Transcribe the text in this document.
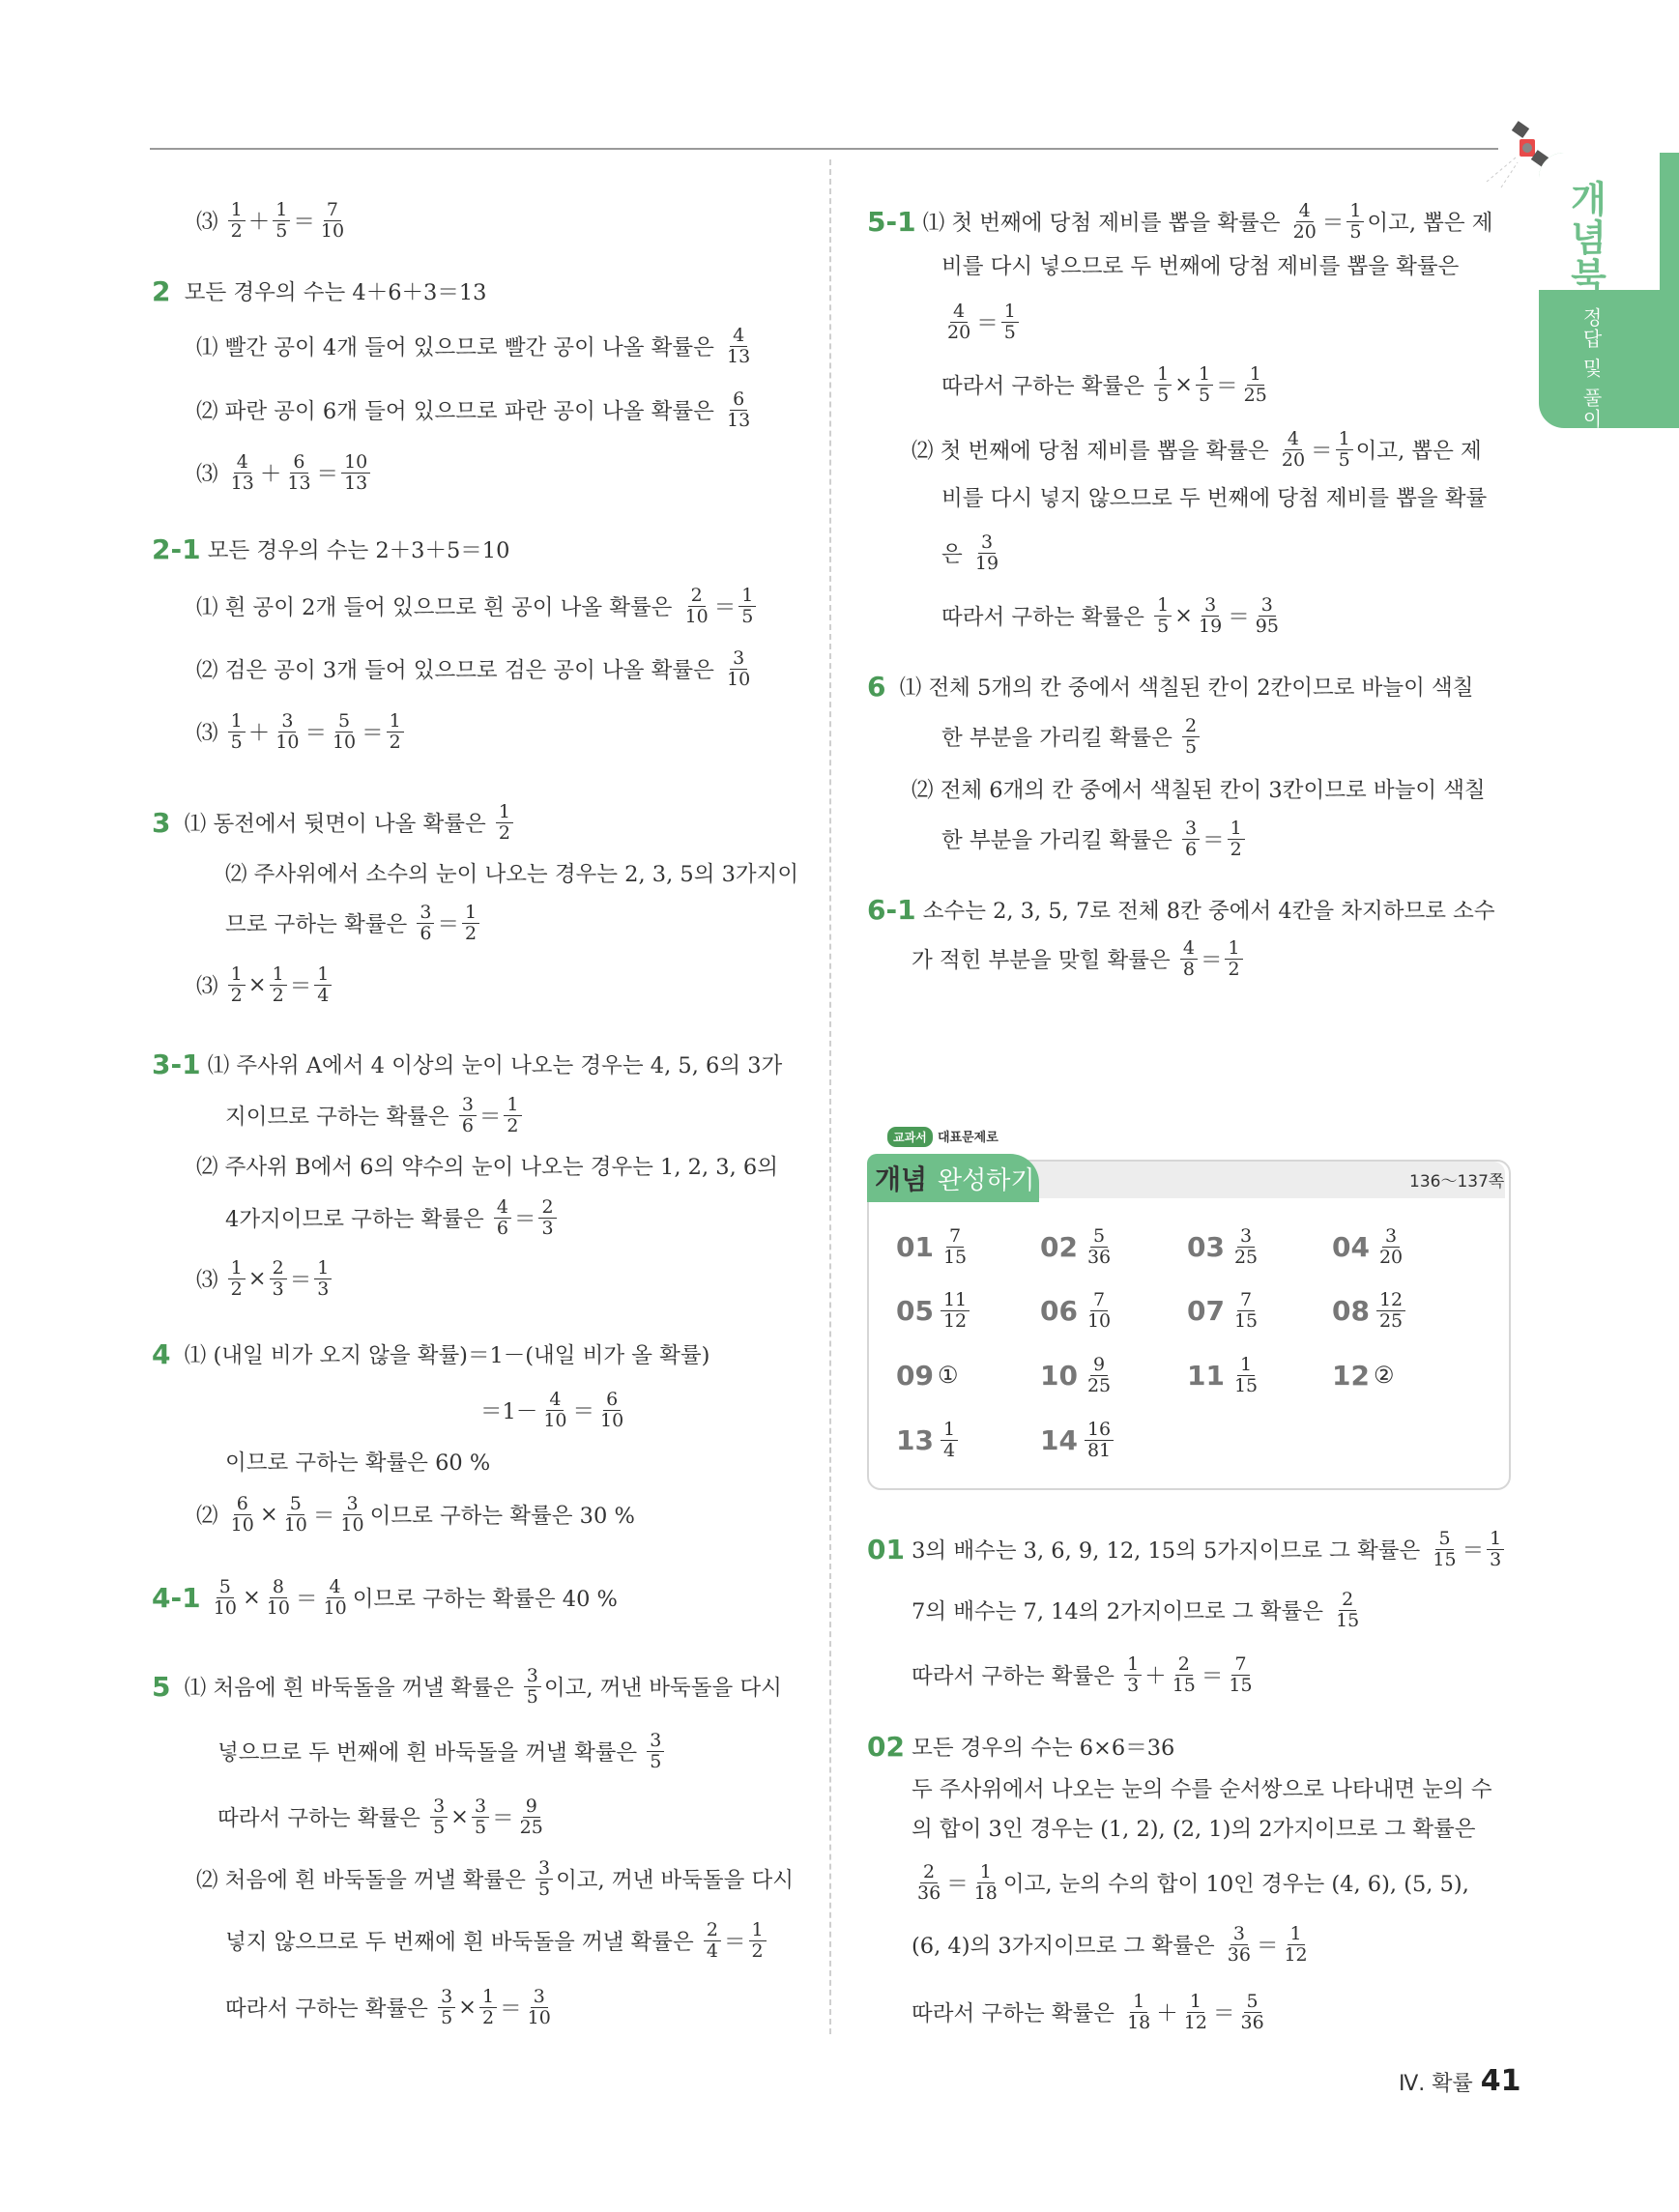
개념북
정답 및 풀이
⑶ $\frac{1}{2} + \frac{1}{5} = \frac{7}{10}$
2 모든 경우의 수는 4＋6＋3＝13
⑴ 빨간 공이 4개 들어 있으므로 빨간 공이 나올 확률은 $\frac{4}{13}$
⑵ 파란 공이 6개 들어 있으므로 파란 공이 나올 확률은 $\frac{6}{13}$
⑶ $\frac{4}{13} + \frac{6}{13} = \frac{10}{13}$
2-1 모든 경우의 수는 2＋3＋5＝10
⑴ 흰 공이 2개 들어 있으므로 흰 공이 나올 확률은 $\frac{2}{10} = \frac{1}{5}$
⑵ 검은 공이 3개 들어 있으므로 검은 공이 나올 확률은 $\frac{3}{10}$
⑶ $\frac{1}{5} + \frac{3}{10} = \frac{5}{10} = \frac{1}{2}$
3 ⑴ 동전에서 뒷면이 나올 확률은 $\frac{1}{2}$
⑵ 주사위에서 소수의 눈이 나오는 경우는 2, 3, 5의 3가지이
므로 구하는 확률은 $\frac{3}{6} = \frac{1}{2}$
⑶ $\frac{1}{2} \times \frac{1}{2} = \frac{1}{4}$
3-1 ⑴ 주사위 A에서 4 이상의 눈이 나오는 경우는 4, 5, 6의 3가
지이므로 구하는 확률은 $\frac{3}{6} = \frac{1}{2}$
⑵ 주사위 B에서 6의 약수의 눈이 나오는 경우는 1, 2, 3, 6의
4가지이므로 구하는 확률은 $\frac{4}{6} = \frac{2}{3}$
⑶ $\frac{1}{2} \times \frac{2}{3} = \frac{1}{3}$
4 ⑴ (내일 비가 오지 않을 확률)＝1－(내일 비가 올 확률)
$=1- \frac{4}{10} = \frac{6}{10}$
이므로 구하는 확률은 60 %
⑵ $\frac{6}{10} \times \frac{5}{10} = \frac{3}{10}$ 이므로 구하는 확률은 30 %
4-1
$\frac{5}{10} \times \frac{8}{10} = \frac{4}{10}$ 이므로 구하는 확률은 40 %
5 ⑴ 처음에 흰 바둑돌을 꺼낼 확률은 $\frac{3}{5}$ 이고, 꺼낸 바둑돌을 다시
넣으므로 두 번째에 흰 바둑돌을 꺼낼 확률은 $\frac{3}{5}$
따라서 구하는 확률은 $\frac{3}{5} \times \frac{3}{5} = \frac{9}{25}$
⑵ 처음에 흰 바둑돌을 꺼낼 확률은 $\frac{3}{5}$ 이고, 꺼낸 바둑돌을 다시
넣지 않으므로 두 번째에 흰 바둑돌을 꺼낼 확률은 $\frac{2}{4} = \frac{1}{2}$
따라서 구하는 확률은 $\frac{3}{5} \times \frac{1}{2} = \frac{3}{10}$
5-1 ⑴ 첫 번째에 당첨 제비를 뽑을 확률은 $\frac{4}{20} = \frac{1}{5}$ 이고, 뽑은 제
비를 다시 넣으므로 두 번째에 당첨 제비를 뽑을 확률은
$\frac{4}{20} = \frac{1}{5}$
따라서 구하는 확률은 $\frac{1}{5} \times \frac{1}{5} = \frac{1}{25}$
⑵ 첫 번째에 당첨 제비를 뽑을 확률은 $\frac{4}{20} = \frac{1}{5}$ 이고, 뽑은 제
비를 다시 넣지 않으므로 두 번째에 당첨 제비를 뽑을 확률
은 $\frac{3}{19}$
따라서 구하는 확률은 $\frac{1}{5} \times \frac{3}{19} = \frac{3}{95}$
6 ⑴ 전체 5개의 칸 중에서 색칠된 칸이 2칸이므로 바늘이 색칠
한 부분을 가리킬 확률은 $\frac{2}{5}$
⑵ 전체 6개의 칸 중에서 색칠된 칸이 3칸이므로 바늘이 색칠
한 부분을 가리킬 확률은 $\frac{3}{6} = \frac{1}{2}$
6-1 소수는 2, 3, 5, 7로 전체 8칸 중에서 4칸을 차지하므로 소수
가 적힌 부분을 맞힐 확률은 $\frac{4}{8} = \frac{1}{2}$
01 3의 배수는 3, 6, 9, 12, 15의 5가지이므로 그 확률은 $\frac{5}{15} = \frac{1}{3}$
7의 배수는 7, 14의 2가지이므로 그 확률은 $\frac{2}{15}$
따라서 구하는 확률은 $\frac{1}{3} + \frac{2}{15} = \frac{7}{15}$
02 모든 경우의 수는 6×6＝36
두 주사위에서 나오는 눈의 수를 순서쌍으로 나타내면 눈의 수
의 합이 3인 경우는 (1, 2), (2, 1)의 2가지이므로 그 확률은
$\frac{2}{36} = \frac{1}{18}$ 이고, 눈의 수의 합이 10인 경우는 (4, 6), (5, 5),
(6, 4)의 3가지이므로 그 확률은 $\frac{3}{36} = \frac{1}{12}$
따라서 구하는 확률은 $\frac{1}{18} + \frac{1}{12} = \frac{5}{36}$
개념 완성하기
교과서 대표문제로
136～137쪽
$01 \frac{7}{15}$	$02 \frac{5}{36}$	$03 \frac{3}{25}$	$04 \frac{3}{20}$
$05 \frac{11}{12}$	$06 \frac{7}{10}$	$07 \frac{7}{15}$	$08 \frac{12}{25}$
09 ①	$10 \frac{9}{25}$	$11 \frac{1}{15}$	12 ②
$13 \frac{1}{4}$	$14 \frac{16}{81}$
Ⅳ. 확률 41
